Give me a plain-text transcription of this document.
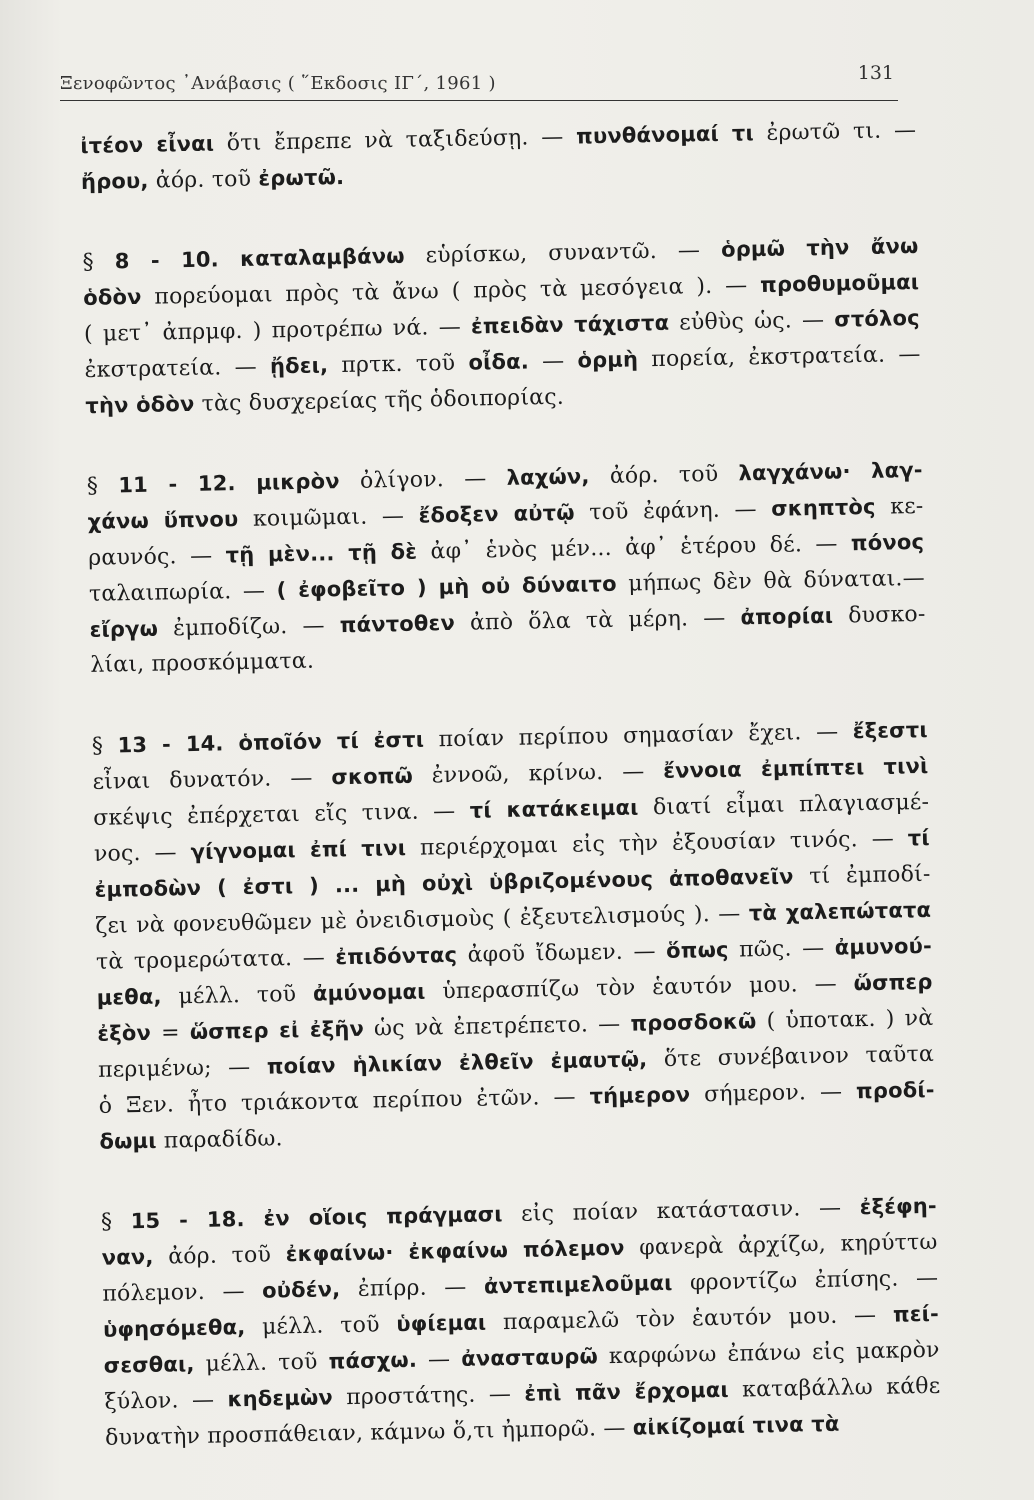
Ξενοφῶντος ᾽Ανάβασις ( ῞Εκδοσις ΙΓ΄, 1961 )	131
ἰτέον εἶναι ὅτι ἔπρεπε νὰ ταξιδεύσῃ. — πυνθάνομαί τι ἐρωτῶ τι. —
ἤρου, ἀόρ. τοῦ ἐρωτῶ.
§ 8 - 10. καταλαμβάνω εὑρίσκω, συναντῶ. — ὁρμῶ τὴν ἄνω
ὁδὸν πορεύομαι πρὸς τὰ ἄνω ( πρὸς τὰ μεσόγεια ). — προθυμοῦμαι
( μετ᾽ ἀπρμφ. ) προτρέπω νά. — ἐπειδὰν τάχιστα εὐθὺς ὡς. — στόλος
ἐκστρατεία. — ᾔδει, πρτκ. τοῦ οἶδα. — ὁρμὴ πορεία, ἐκστρατεία. —
τὴν ὁδὸν τὰς δυσχερείας τῆς ὁδοιπορίας.
§ 11 - 12. μικρὸν ὀλίγον. — λαχών, ἀόρ. τοῦ λαγχάνω· λαγ-
χάνω ὕπνου κοιμῶμαι. — ἔδοξεν αὐτῷ τοῦ ἐφάνη. — σκηπτὸς κε-
ραυνός. — τῇ μὲν... τῇ δὲ ἀφ᾽ ἑνὸς μέν... ἀφ᾽ ἑτέρου δέ. — πόνος
ταλαιπωρία. — ( ἐφοβεῖτο ) μὴ οὐ δύναιτο μήπως δὲν θὰ δύναται.—
εἴργω ἐμποδίζω. — πάντοθεν ἀπὸ ὅλα τὰ μέρη. — ἀπορίαι δυσκο-
λίαι, προσκόμματα.
§ 13 - 14. ὁποῖόν τί ἐστι ποίαν περίπου σημασίαν ἔχει. — ἔξεστι
εἶναι δυνατόν. — σκοπῶ ἐννοῶ, κρίνω. — ἔννοια ἐμπίπτει τινὶ
σκέψις ἐπέρχεται εἴς τινα. — τί κατάκειμαι διατί εἶμαι πλαγιασμέ-
νος. — γίγνομαι ἐπί τινι περιέρχομαι εἰς τὴν ἐξουσίαν τινός. — τί
ἐμποδὼν ( ἐστι ) ... μὴ οὐχὶ ὑβριζομένους ἀποθανεῖν τί ἐμποδί-
ζει νὰ φονευθῶμεν μὲ ὀνειδισμοὺς ( ἐξευτελισμούς ). — τὰ χαλεπώτατα
τὰ τρομερώτατα. — ἐπιδόντας ἀφοῦ ἴδωμεν. — ὅπως πῶς. — ἀμυνού-
μεθα, μέλλ. τοῦ ἀμύνομαι ὑπερασπίζω τὸν ἑαυτόν μου. — ὥσπερ
ἐξὸν = ὥσπερ εἰ ἐξῆν ὡς νὰ ἐπετρέπετο. — προσδοκῶ ( ὑποτακ. ) νὰ
περιμένω; — ποίαν ἡλικίαν ἐλθεῖν ἐμαυτῷ, ὅτε συνέβαινον ταῦτα
ὁ Ξεν. ἦτο τριάκοντα περίπου ἐτῶν. — τήμερον σήμερον. — προδί-
δωμι παραδίδω.
§ 15 - 18. ἐν οἵοις πράγμασι εἰς ποίαν κατάστασιν. — ἐξέφη-
ναν, ἀόρ. τοῦ ἐκφαίνω· ἐκφαίνω πόλεμον φανερὰ ἀρχίζω, κηρύττω
πόλεμον. — οὐδέν, ἐπίρρ. — ἀντεπιμελοῦμαι φροντίζω ἐπίσης. —
ὑφησόμεθα, μέλλ. τοῦ ὑφίεμαι παραμελῶ τὸν ἑαυτόν μου. — πεί-
σεσθαι, μέλλ. τοῦ πάσχω. — ἀνασταυρῶ καρφώνω ἐπάνω εἰς μακρὸν
ξύλον. — κηδεμὼν προστάτης. — ἐπὶ πᾶν ἔρχομαι καταβάλλω κάθε
δυνατὴν προσπάθειαν, κάμνω ὅ,τι ἠμπορῶ. — αἰκίζομαί τινα τὰ
